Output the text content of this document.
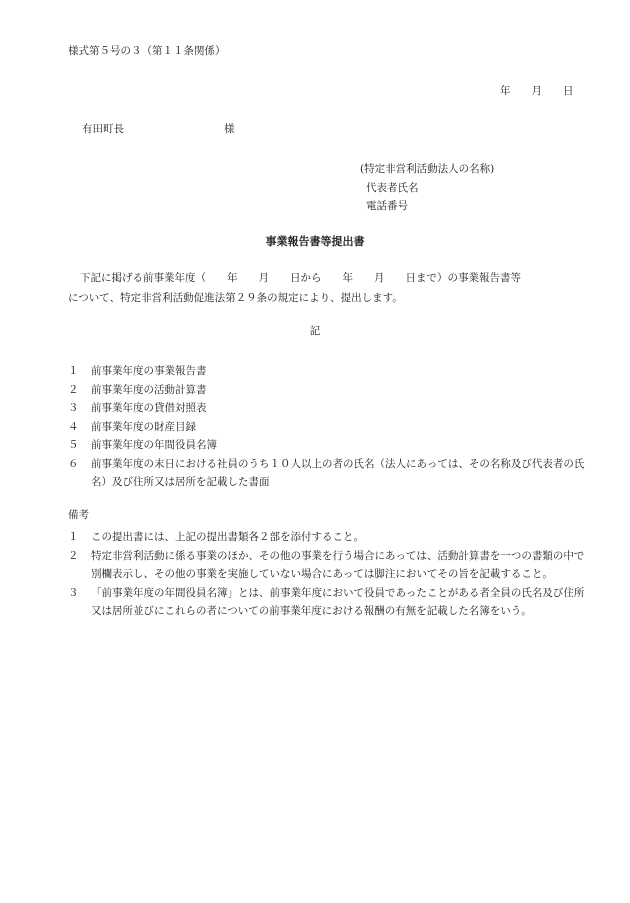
様式第５号の３（第１１条関係）
年　　 月　　 日
有田町長	様
(特定非営利活動法人の名称)
代表者氏名
電話番号
事業報告書等提出書

下記に掲げる前事業年度（　　年　　月　　日から　　年　　月　　日まで）の事業報告書等

について、特定非営利活動促進法第２９条の規定により、提出します。

記
１	前事業年度の事業報告書
２	前事業年度の活動計算書
３	前事業年度の貸借対照表
４	前事業年度の財産目録
５	前事業年度の年間役員名簿
６	前事業年度の末日における社員のうち１０人以上の者の氏名（法人にあっては、その名称及び代表者の氏名）及び住所又は居所を記載した書面
備考
１	この提出書には、上記の提出書類各２部を添付すること。
２	特定非営利活動に係る事業のほか、その他の事業を行う場合にあっては、活動計算書を一つの書類の中で別欄表示し、その他の事業を実施していない場合にあっては脚注においてその旨を記載すること。
３	「前事業年度の年間役員名簿」とは、前事業年度において役員であったことがある者全員の氏名及び住所又は居所並びにこれらの者についての前事業年度における報酬の有無を記載した名簿をいう。
